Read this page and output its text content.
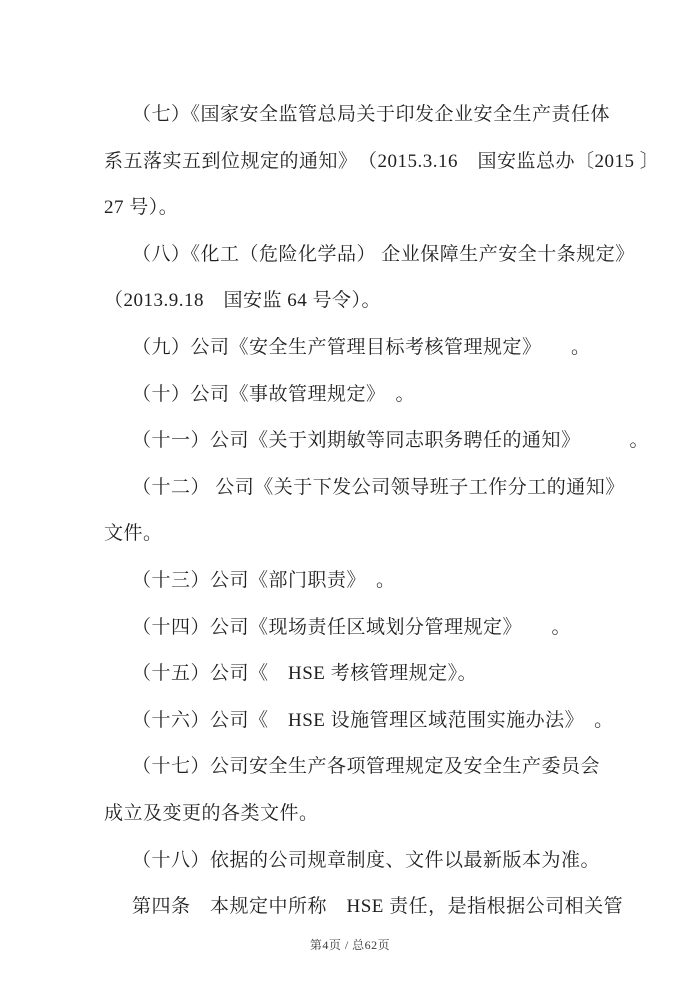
（七）《国家安全监管总局关于印发企业安全生产责任体
系五落实五到位规定的通知》　（2015.3.16　国安监总办〔2015 〕
27 号）。
（八）《化工（危险化学品） 企业保障生产安全十条规定》
（2013.9.18　国安监 64 号令）。
（九）公司《安全生产管理目标考核管理规定》　　。
（十）公司《事故管理规定》　。
（十一）公司《关于刘期敏等同志职务聘任的通知》　　　。
（十二） 公司《关于下发公司领导班子工作分工的通知》
文件。
（十三）公司《部门职责》　。
（十四）公司《现场责任区域划分管理规定》　　。
（十五）公司《　HSE 考核管理规定》。
（十六）公司《　HSE 设施管理区域范围实施办法》　。
（十七）公司安全生产各项管理规定及安全生产委员会
成立及变更的各类文件。
（十八）依据的公司规章制度、文件以最新版本为准。
第四条　本规定中所称　HSE 责任，是指根据公司相关管
第4页 / 总62页
